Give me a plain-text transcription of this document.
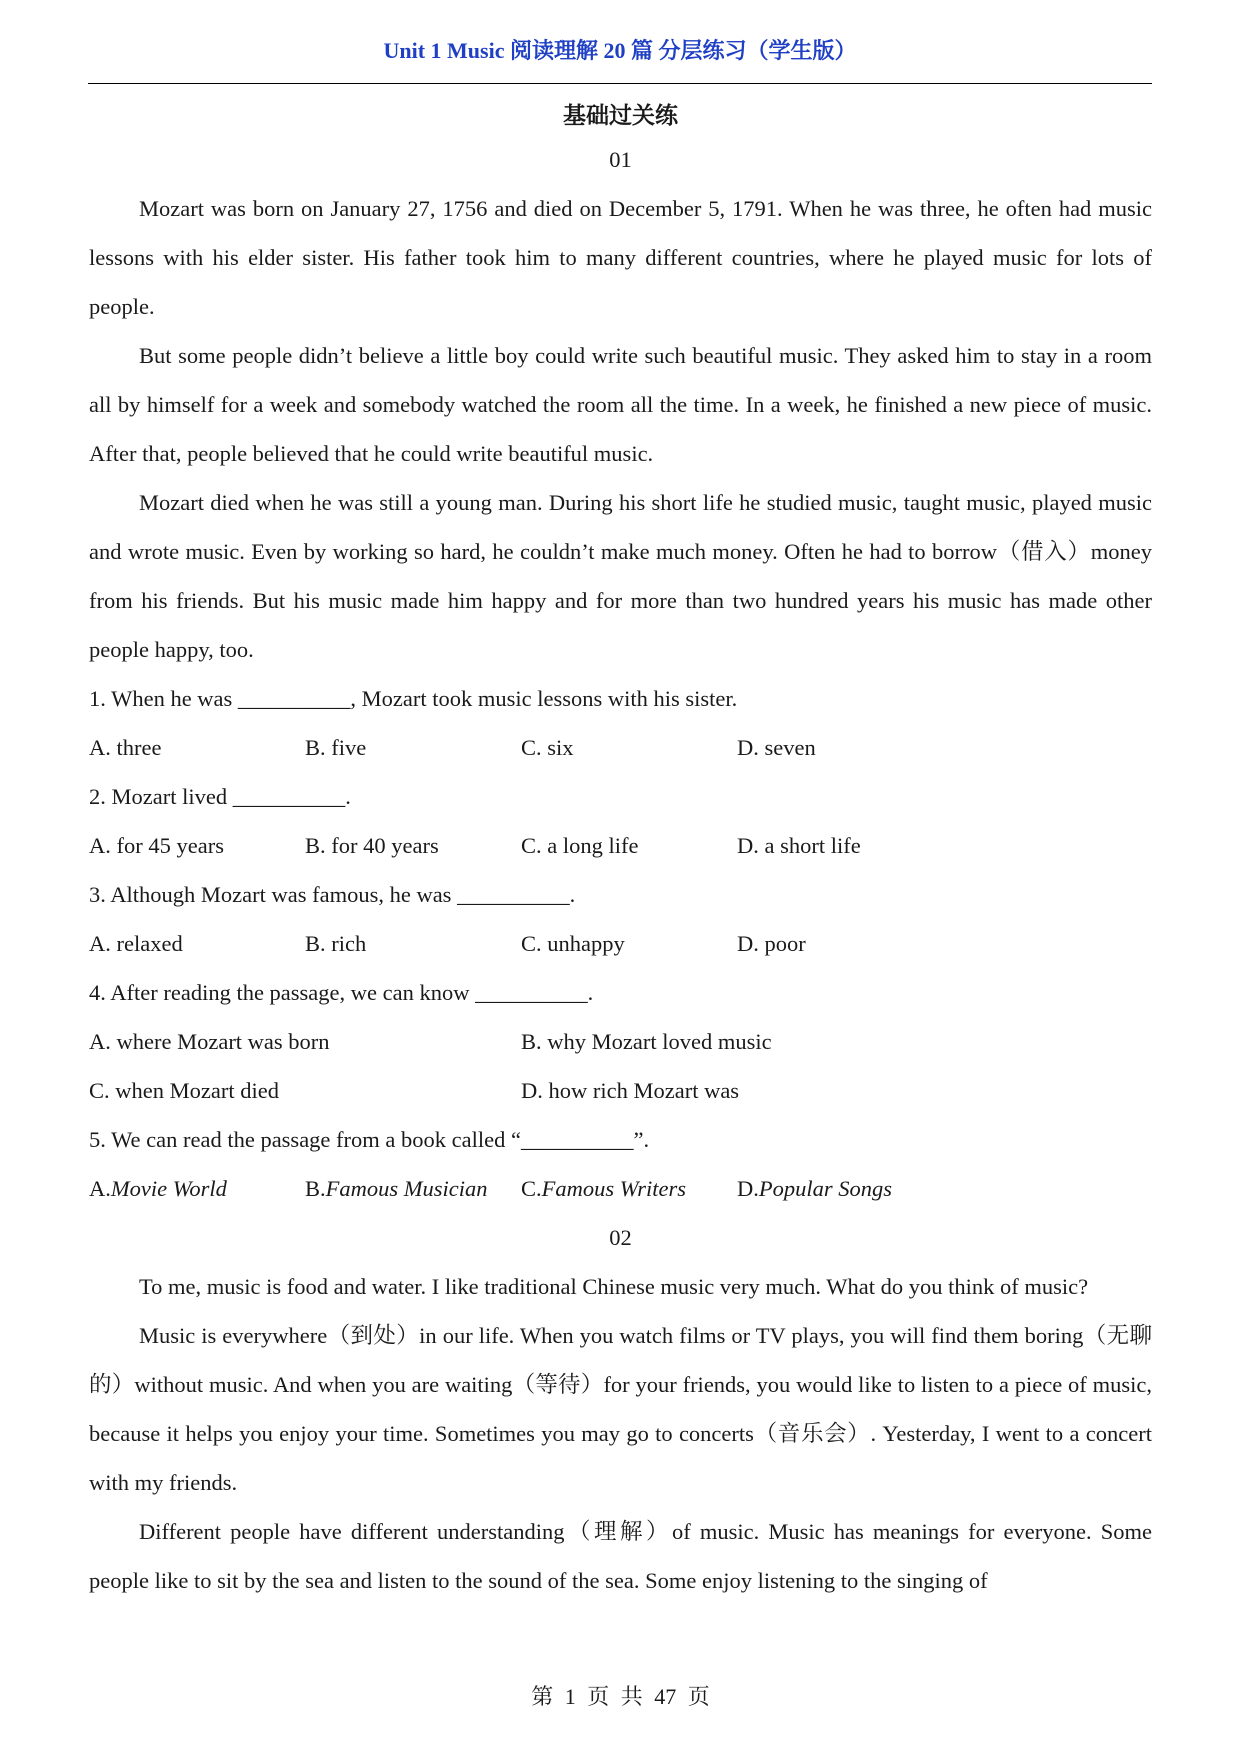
Unit 1 Music 阅读理解 20 篇 分层练习（学生版）
基础过关练
01
Mozart was born on January 27, 1756 and died on December 5, 1791. When he was three, he often had music lessons with his elder sister. His father took him to many different countries, where he played music for lots of people.
But some people didn’t believe a little boy could write such beautiful music. They asked him to stay in a room all by himself for a week and somebody watched the room all the time. In a week, he finished a new piece of music. After that, people believed that he could write beautiful music.
Mozart died when he was still a young man. During his short life he studied music, taught music, played music and wrote music. Even by working so hard, he couldn’t make much money. Often he had to borrow（借入）money from his friends. But his music made him happy and for more than two hundred years his music has made other people happy, too.
1. When he was __________, Mozart took music lessons with his sister.
A. three	B. five	C. six	D. seven
2. Mozart lived __________.
A. for 45 years	B. for 40 years	C. a long life	D. a short life
3. Although Mozart was famous, he was __________.
A. relaxed	B. rich	C. unhappy	D. poor
4. After reading the passage, we can know __________.
A. where Mozart was born	B. why Mozart loved music
C. when Mozart died	D. how rich Mozart was
5. We can read the passage from a book called “__________”.
A.Movie World	B.Famous Musician	C.Famous Writers	D.Popular Songs
02
To me, music is food and water. I like traditional Chinese music very much. What do you think of music?
Music is everywhere（到处）in our life. When you watch films or TV plays, you will find them boring（无聊的）without music. And when you are waiting（等待）for your friends, you would like to listen to a piece of music, because it helps you enjoy your time. Sometimes you may go to concerts（音乐会）. Yesterday, I went to a concert with my friends.
Different people have different understanding（理解）of music. Music has meanings for everyone. Some people like to sit by the sea and listen to the sound of the sea. Some enjoy listening to the singing of
第 1 页 共 47 页
